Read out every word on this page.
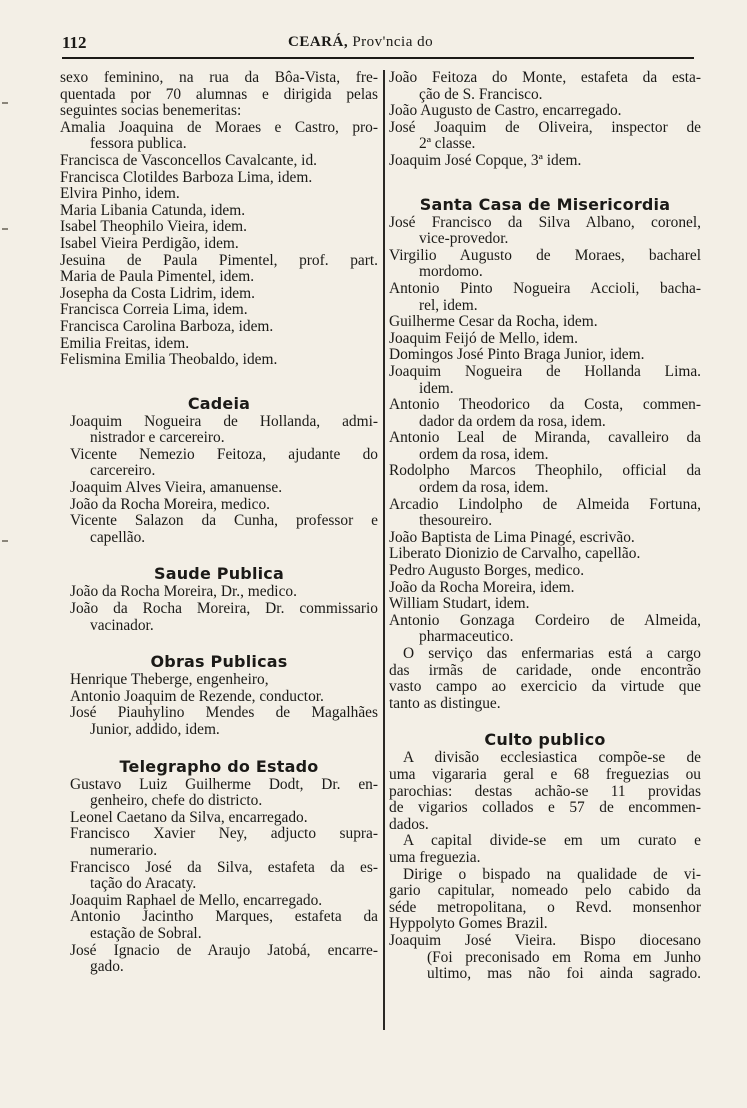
112	CEARÁ, Prov'ncia do
sexo feminino, na rua da Bôa-Vista, fre-
quentada por 70 alumnas e dirigida pelas
seguintes socias benemeritas:
Amalia Joaquina de Moraes e Castro, pro-
fessora publica.
Francisca de Vasconcellos Cavalcante, id.
Francisca Clotildes Barboza Lima, idem.
Elvira Pinho, idem.
Maria Libania Catunda, idem.
Isabel Theophilo Vieira, idem.
Isabel Vieira Perdigão, idem.
Jesuina de Paula Pimentel, prof. part.
Maria de Paula Pimentel, idem.
Josepha da Costa Lidrim, idem.
Francisca Correia Lima, idem.
Francisca Carolina Barboza, idem.
Emilia Freitas, idem.
Felismina Emilia Theobaldo, idem.
Cadeia
Joaquim Nogueira de Hollanda, admi-
nistrador e carcereiro.
Vicente Nemezio Feitoza, ajudante do
carcereiro.
Joaquim Alves Vieira, amanuense.
João da Rocha Moreira, medico.
Vicente Salazon da Cunha, professor e
capellão.
Saude Publica
João da Rocha Moreira, Dr., medico.
João da Rocha Moreira, Dr. commissario
vacinador.
Obras Publicas
Henrique Theberge, engenheiro,
Antonio Joaquim de Rezende, conductor.
José Piauhylino Mendes de Magalhães
Junior, addido, idem.
Telegrapho do Estado
Gustavo Luiz Guilherme Dodt, Dr. en-
genheiro, chefe do districto.
Leonel Caetano da Silva, encarregado.
Francisco Xavier Ney, adjucto supra-
numerario.
Francisco José da Silva, estafeta da es-
tação do Aracaty.
Joaquim Raphael de Mello, encarregado.
Antonio Jacintho Marques, estafeta da
estação de Sobral.
José Ignacio de Araujo Jatobá, encarre-
gado.
João Feitoza do Monte, estafeta da esta-
ção de S. Francisco.
João Augusto de Castro, encarregado.
José Joaquim de Oliveira, inspector de
2ª classe.
Joaquim José Copque, 3ª idem.
Santa Casa de Misericordia
José Francisco da Silva Albano, coronel,
vice-provedor.
Virgilio Augusto de Moraes, bacharel
mordomo.
Antonio Pinto Nogueira Accioli, bacha-
rel, idem.
Guilherme Cesar da Rocha, idem.
Joaquim Feijó de Mello, idem.
Domingos José Pinto Braga Junior, idem.
Joaquim Nogueira de Hollanda Lima.
idem.
Antonio Theodorico da Costa, commen-
dador da ordem da rosa, idem.
Antonio Leal de Miranda, cavalleiro da
ordem da rosa, idem.
Rodolpho Marcos Theophilo, official da
ordem da rosa, idem.
Arcadio Lindolpho de Almeida Fortuna,
thesoureiro.
João Baptista de Lima Pinagé, escrivão.
Liberato Dionizio de Carvalho, capellão.
Pedro Augusto Borges, medico.
João da Rocha Moreira, idem.
William Studart, idem.
Antonio Gonzaga Cordeiro de Almeida,
pharmaceutico.
O serviço das enfermarias está a cargo
das irmãs de caridade, onde encontrão
vasto campo ao exercicio da virtude que
tanto as distingue.
Culto publico
A divisão ecclesiastica compõe-se de
uma vigararia geral e 68 freguezias ou
parochias: destas achão-se 11 providas
de vigarios collados e 57 de encommen-
dados.
A capital divide-se em um curato e
uma freguezia.
Dirige o bispado na qualidade de vi-
gario capitular, nomeado pelo cabido da
séde metropolitana, o Revd. monsenhor
Hyppolyto Gomes Brazil.
Joaquim José Vieira. Bispo diocesano
(Foi preconisado em Roma em Junho
ultimo, mas não foi ainda sagrado.
